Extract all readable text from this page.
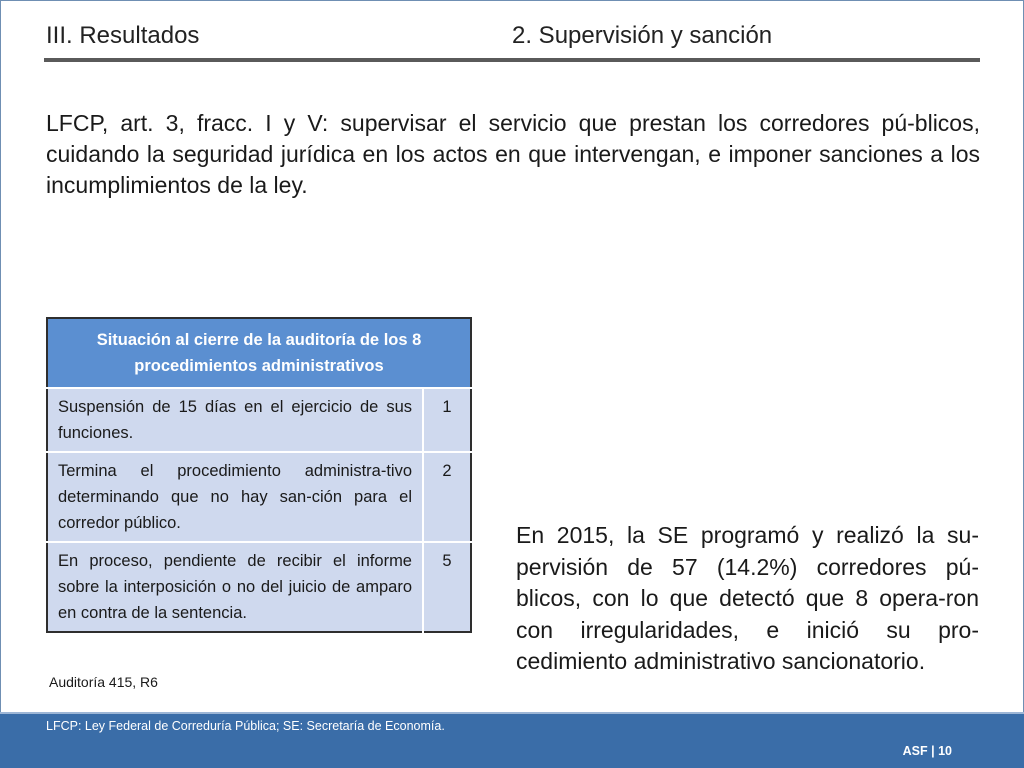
III. Resultados	2. Supervisión y sanción
LFCP, art. 3, fracc. I y V: supervisar el servicio que prestan los corredores pú-blicos, cuidando la seguridad jurídica en los actos en que intervengan, e imponer sanciones a los incumplimientos de la ley.
Situación al cierre de la auditoría de los 8 procedimientos administrativos	
Suspensión de 15 días en el ejercicio de sus funciones.	1
Termina el procedimiento administra-tivo determinando que no hay san-ción para el corredor público.	2
En proceso, pendiente de recibir el informe sobre la interposición o no del juicio de amparo en contra de la sentencia.	5
Auditoría 415, R6
En 2015, la SE programó y realizó la su-pervisión de 57 (14.2%) corredores pú-blicos, con lo que detectó que 8 opera-ron con irregularidades, e inició su pro-cedimiento administrativo sancionatorio.
LFCP: Ley Federal de Correduría Pública; SE: Secretaría de Economía.
ASF | 10
